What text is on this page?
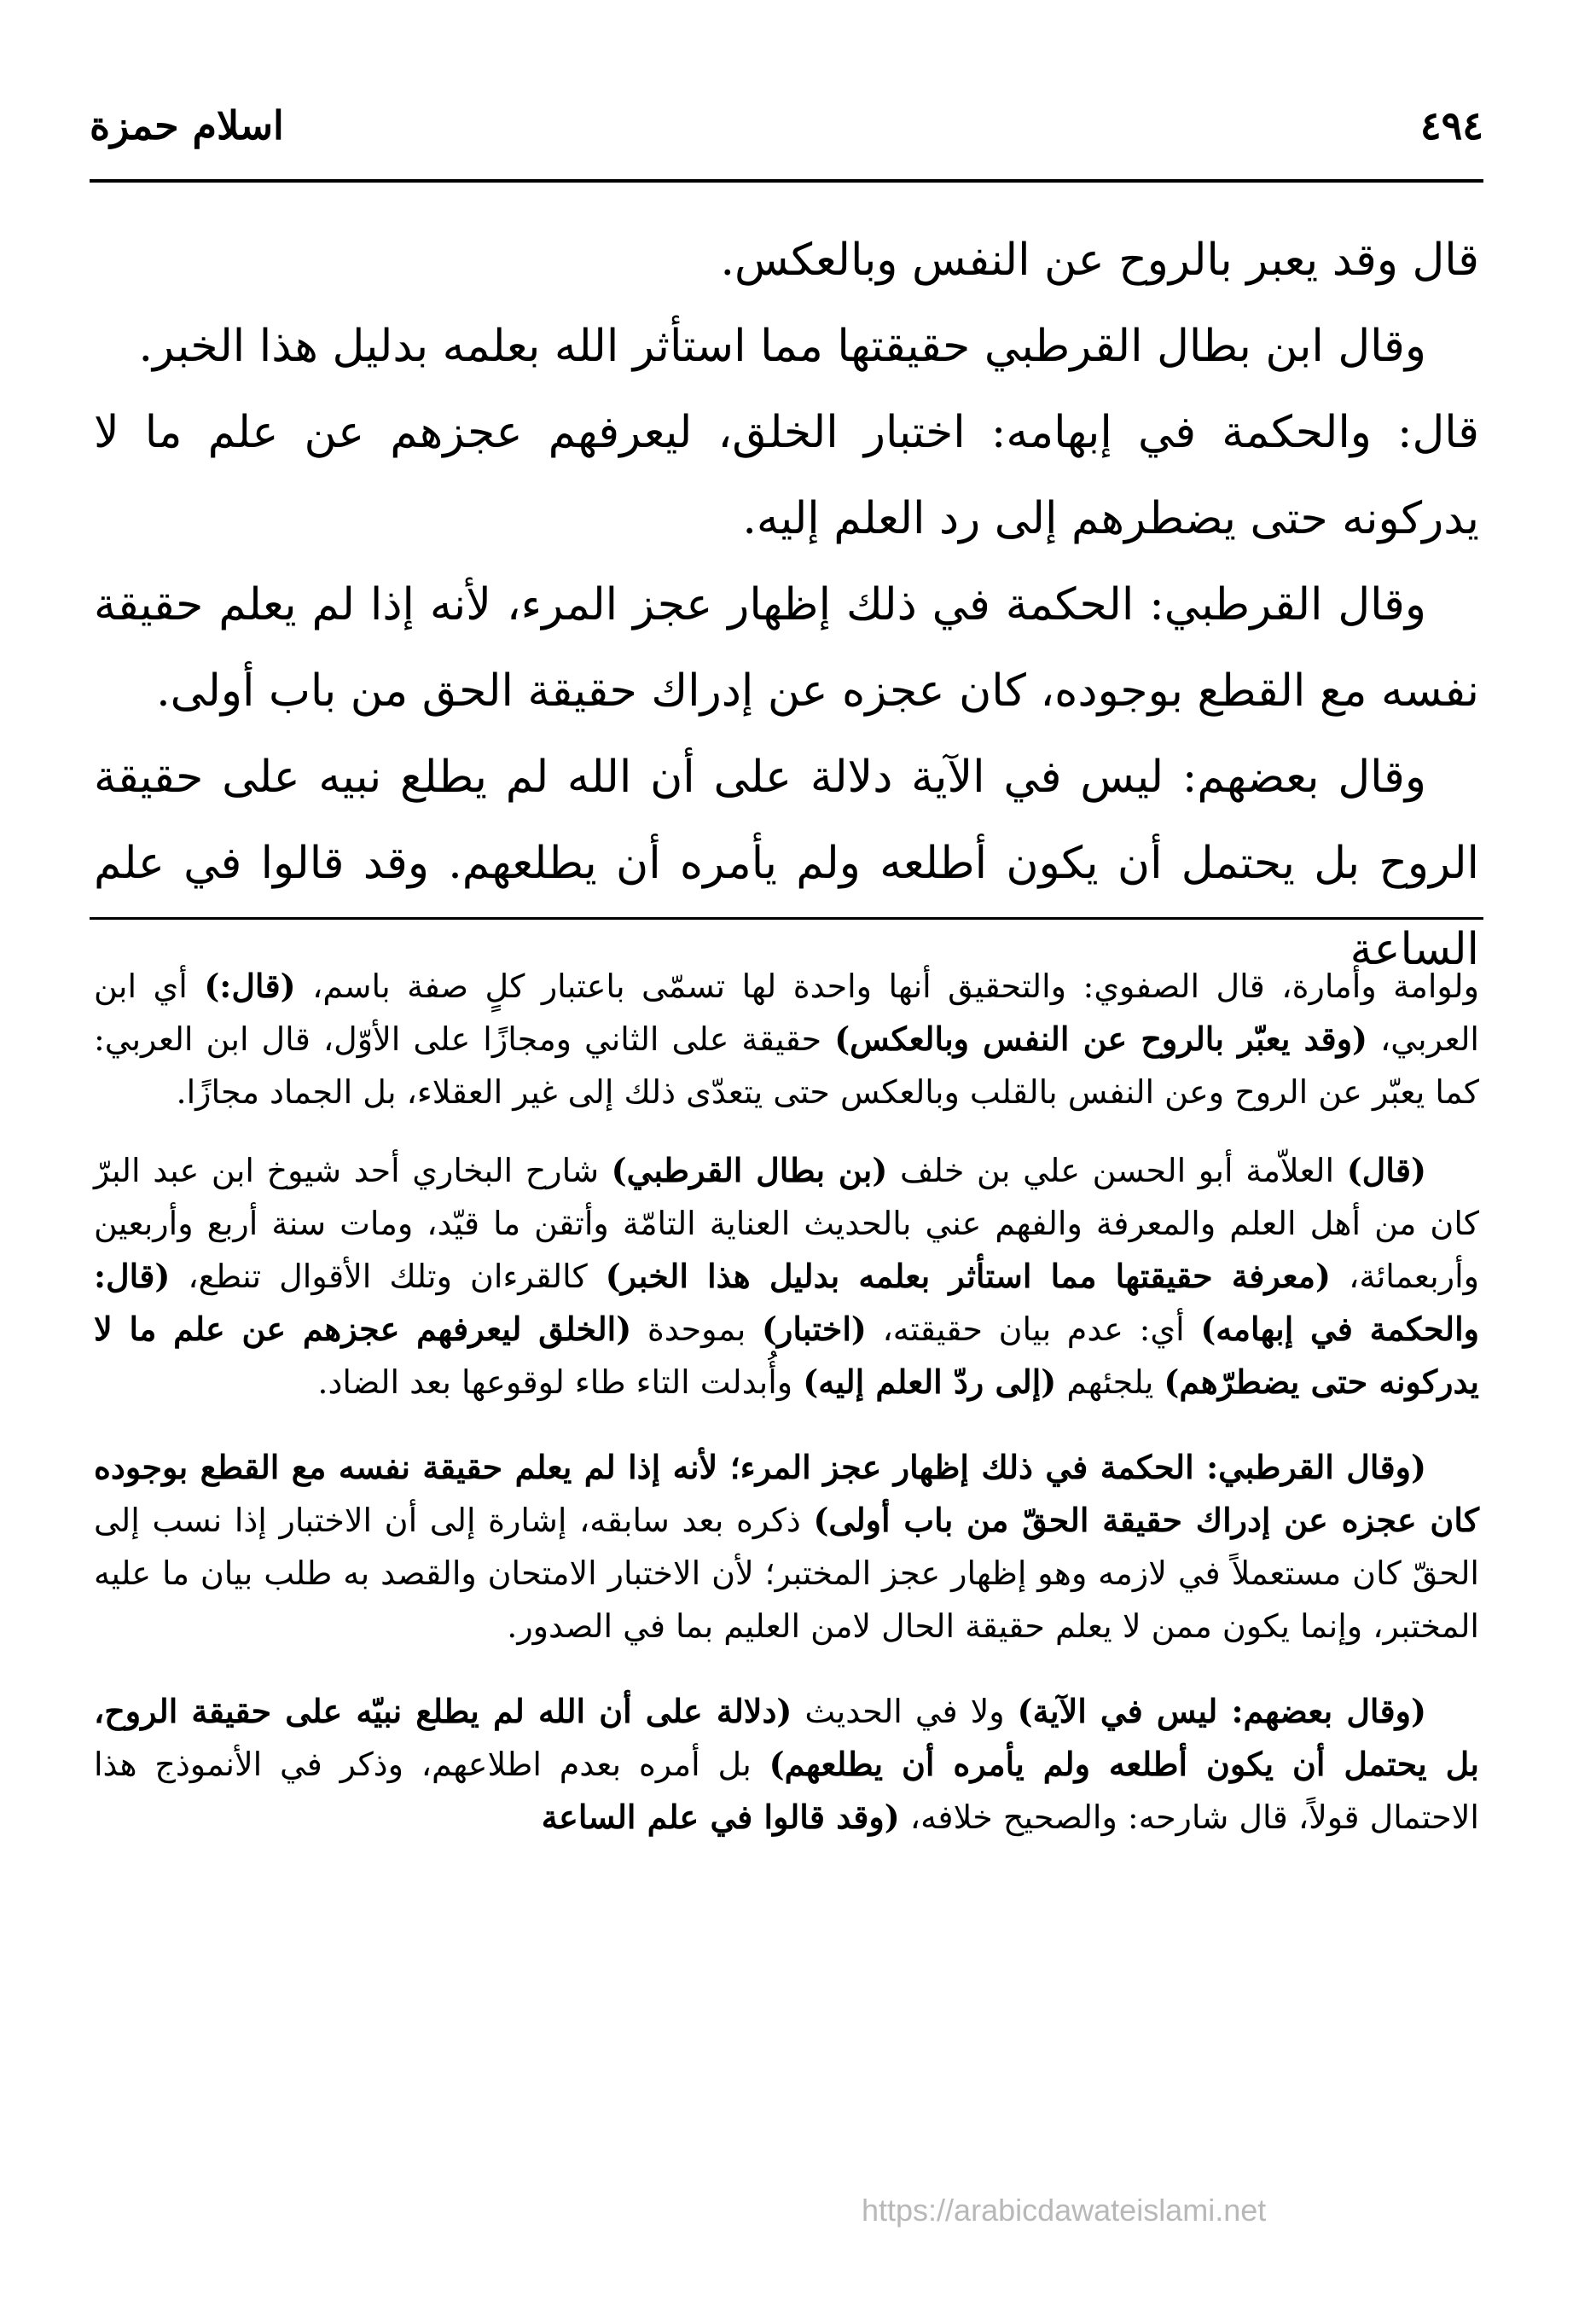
٤٩٤
اسلام حمزة

قال وقد يعبر بالروح عن النفس وبالعكس.

وقال ابن بطال القرطبي حقيقتها مما استأثر الله بعلمه بدليل هذا الخبر.

قال: والحكمة في إبهامه: اختبار الخلق، ليعرفهم عجزهم عن علم ما لا يدركونه حتى يضطرهم إلى رد العلم إليه.

وقال القرطبي: الحكمة في ذلك إظهار عجز المرء، لأنه إذا لم يعلم حقيقة نفسه مع القطع بوجوده، كان عجزه عن إدراك حقيقة الحق من باب أولى.

وقال بعضهم: ليس في الآية دلالة على أن الله لم يطلع نبيه على حقيقة الروح بل يحتمل أن يكون أطلعه ولم يأمره أن يطلعهم. وقد قالوا في علم الساعة

ولوامة وأمارة، قال الصفوي: والتحقيق أنها واحدة لها تسمّى باعتبار كلٍ صفة باسم، (قال:) أي ابن العربي، (وقد يعبّر بالروح عن النفس وبالعكس) حقيقة على الثاني ومجازًا على الأوّل، قال ابن العربي: كما يعبّر عن الروح وعن النفس بالقلب وبالعكس حتى يتعدّى ذلك إلى غير العقلاء، بل الجماد مجازًا.

(قال) العلاّمة أبو الحسن علي بن خلف (بن بطال القرطبي) شارح البخاري أحد شيوخ ابن عبد البرّ كان من أهل العلم والمعرفة والفهم عني بالحديث العناية التامّة وأتقن ما قيّد، ومات سنة أربع وأربعين وأربعمائة، (معرفة حقيقتها مما استأثر بعلمه بدليل هذا الخبر) كالقرءان وتلك الأقوال تنطع، (قال: والحكمة في إبهامه) أي: عدم بيان حقيقته، (اختبار) بموحدة (الخلق ليعرفهم عجزهم عن علم ما لا يدركونه حتى يضطرّهم) يلجئهم (إلى ردّ العلم إليه) وأُبدلت التاء طاء لوقوعها بعد الضاد.

(وقال القرطبي: الحكمة في ذلك إظهار عجز المرء؛ لأنه إذا لم يعلم حقيقة نفسه مع القطع بوجوده كان عجزه عن إدراك حقيقة الحقّ من باب أولى) ذكره بعد سابقه، إشارة إلى أن الاختبار إذا نسب إلى الحقّ كان مستعملاً في لازمه وهو إظهار عجز المختبر؛ لأن الاختبار الامتحان والقصد به طلب بيان ما عليه المختبر، وإنما يكون ممن لا يعلم حقيقة الحال لامن العليم بما في الصدور.

(وقال بعضهم: ليس في الآية) ولا في الحديث (دلالة على أن الله لم يطلع نبيّه على حقيقة الروح، بل يحتمل أن يكون أطلعه ولم يأمره أن يطلعهم) بل أمره بعدم اطلاعهم، وذكر في الأنموذج هذا الاحتمال قولاً، قال شارحه: والصحيح خلافه، (وقد قالوا في علم الساعة

https://arabicdawateislami.net
